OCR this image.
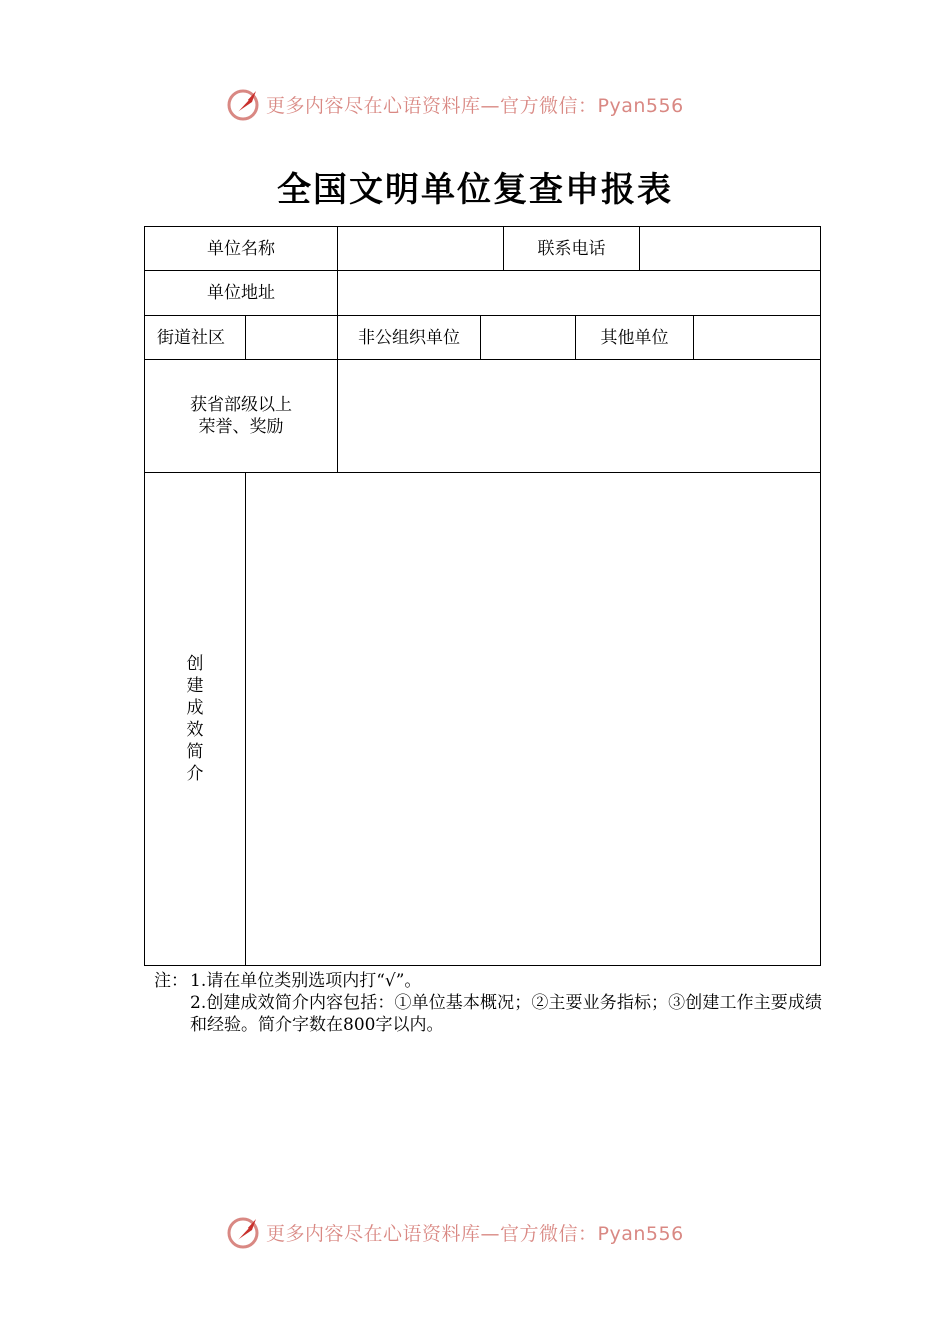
更多内容尽在心语资料库—官方微信：Pyan556
全国文明单位复查申报表
单位名称				联系电话			
单位地址							
街道社区		非公组织单位			其他单位		

获省部级以上
荣誉、奖励							

创建成效简介							
注： 1.请在单位类别选项内打“√”。
2.创建成效简介内容包括：①单位基本概况；②主要业务指标；③创建工作主要成绩和经验。简介字数在800字以内。
更多内容尽在心语资料库—官方微信：Pyan556
